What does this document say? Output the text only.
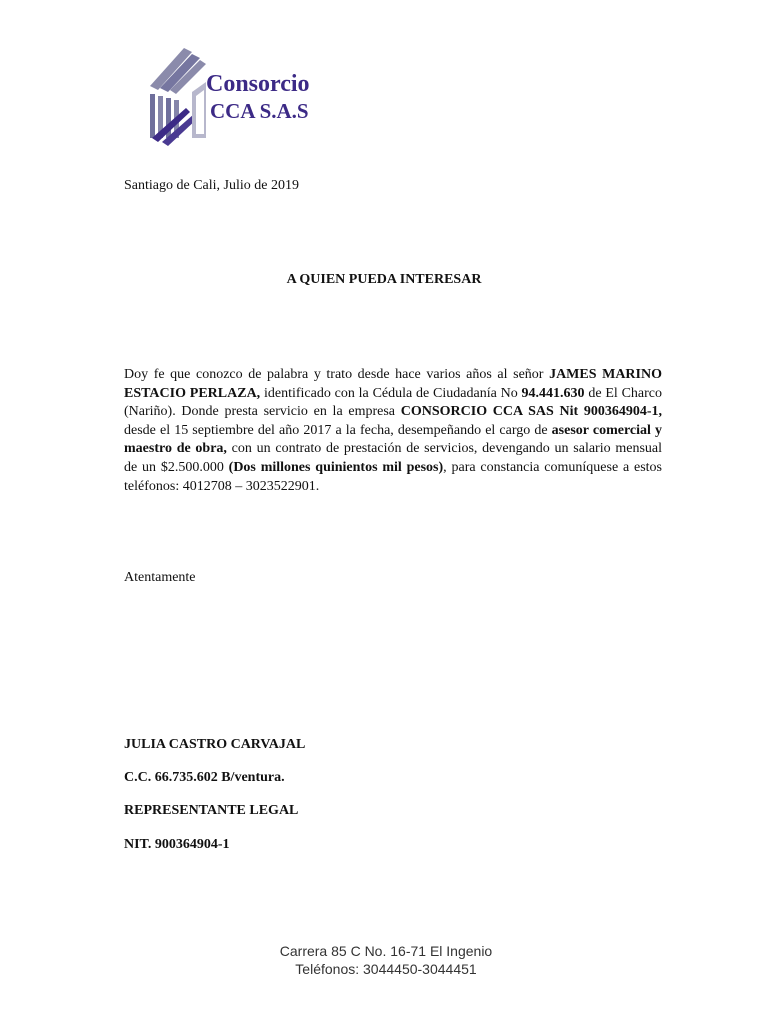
Consorcio
CCA S.A.S
Santiago de Cali, Julio de 2019
A QUIEN PUEDA INTERESAR
Doy fe que conozco de palabra y trato desde hace varios años al señor JAMES MARINO ESTACIO PERLAZA, identificado con la Cédula de Ciudadanía No 94.441.630 de El Charco (Nariño). Donde presta servicio en la empresa CONSORCIO CCA SAS Nit 900364904-1, desde el 15 septiembre del año 2017 a la fecha, desempeñando el cargo de asesor comercial y maestro de obra, con un contrato de prestación de servicios, devengando un salario mensual de un $2.500.000 (Dos millones quinientos mil pesos), para constancia comuníquese a estos teléfonos: 4012708 – 3023522901.
Atentamente
JULIA CASTRO CARVAJAL
C.C. 66.735.602 B/ventura.
REPRESENTANTE LEGAL
NIT. 900364904-1
Carrera 85 C No. 16-71 El Ingenio
Teléfonos: 3044450-3044451
